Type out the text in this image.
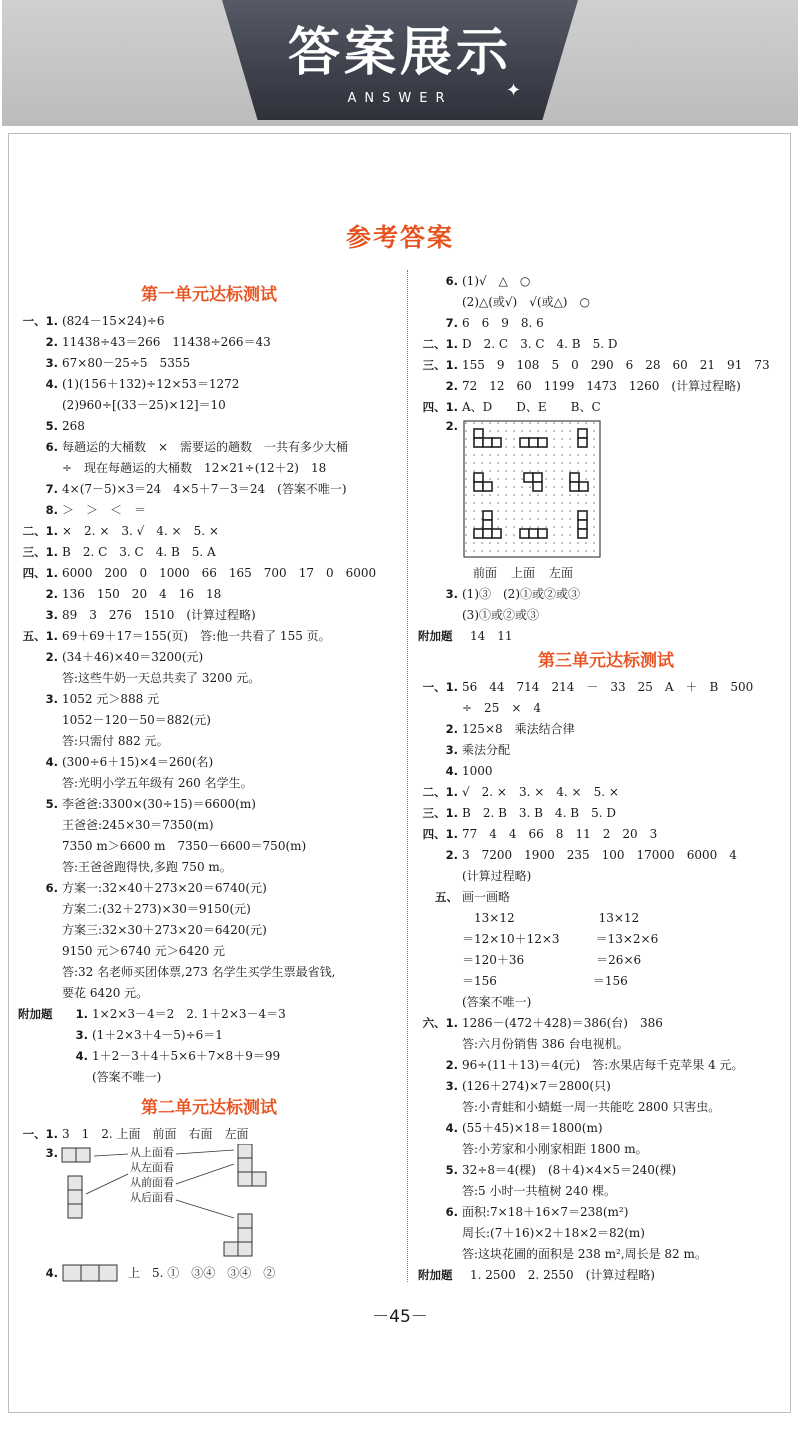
答案展示
ANSWER	✦
参考答案
第一单元达标测试
一、1. (824－15×24)÷6
2. 11438÷43＝266　11438÷266＝43
3. 67×80－25÷5　5355
4. (1)(156＋132)÷12×53＝1272
(2)960÷[(33－25)×12]＝10
5. 268
6. 每趟运的大桶数　×　需要运的趟数　一共有多少大桶
÷　现在每趟运的大桶数　12×21÷(12＋2)　18
7. 4×(7－5)×3＝24　4×5＋7－3＝24　(答案不唯一)
8. ＞　＞　＜　＝
二、1. ×　2. ×　3. √　4. ×　5. ×
三、1. B　2. C　3. C　4. B　5. A
四、1. 6000　200　0　1000　66　165　700　17　0　6000
2. 136　150　20　4　16　18
3. 89　3　276　1510　(计算过程略)
五、1. 69＋69＋17＝155(页)　答:他一共看了 155 页。
2. (34＋46)×40＝3200(元)
答:这些牛奶一天总共卖了 3200 元。
3. 1052 元＞888 元
1052－120－50＝882(元)
答:只需付 882 元。
4. (300÷6＋15)×4＝260(名)
答:光明小学五年级有 260 名学生。
5. 李爸爸:3300×(30÷15)＝6600(m)
王爸爸:245×30＝7350(m)
7350 m＞6600 m　7350－6600＝750(m)
答:王爸爸跑得快,多跑 750 m。
6. 方案一:32×40＋273×20＝6740(元)
方案二:(32＋273)×30＝9150(元)
方案三:32×30＋273×20＝6420(元)
9150 元＞6740 元＞6420 元
答:32 名老师买团体票,273 名学生买学生票最省钱,
要花 6420 元。
附加题	1. 1×2×3－4＝2　2. 1＋2×3－4＝3
3. (1＋2×3＋4－5)÷6＝1
4. 1＋2－3＋4＋5×6＋7×8＋9＝99
(答案不唯一)
第二单元达标测试
一、1. 3　1　2. 上面　前面　右面　左面
3.	从上面看
从左面看
从前面看
从后面看
4.	上　5. ①　③④　③④　②
6. (1)√　△　○
(2)△(或√)　√(或△)　○
7. 6　6　9　8. 6
二、1. D　2. C　3. C　4. B　5. D
三、1. 155　9　108　5　0　290　6　28　60　21　91　73
2. 72　12　60　1199　1473　1260　(计算过程略)
四、1. A、D　　D、E　　B、C
2.
前面	上面	左面
3. (1)③　(2)①或②或③
(3)①或②或③
附加题	14　11
第三单元达标测试
一、1. 56　44　714　214　－　33　25　A　＋　B　500
÷　25　×　4
2. 125×8　乘法结合律
3. 乘法分配
4. 1000
二、1. √　2. ×　3. ×　4. ×　5. ×
三、1. B　2. B　3. B　4. B　5. D
四、1. 77　4　4　66　8　11　2　20　3
2. 3　7200　1900　235　100　17000　6000　4
(计算过程略)
五、 画一画略
　13×12　　　　　　　13×12
＝12×10＋12×3　　　＝13×2×6
＝120＋36　　　　　　＝26×6
＝156　　　　　　　　＝156
(答案不唯一)
六、1. 1286－(472＋428)＝386(台)　386
答:六月份销售 386 台电视机。
2. 96÷(11＋13)＝4(元)　答:水果店每千克苹果 4 元。
3. (126＋274)×7＝2800(只)
答:小青蛙和小蜻蜓一周一共能吃 2800 只害虫。
4. (55＋45)×18＝1800(m)
答:小芳家和小刚家相距 1800 m。
5. 32÷8＝4(棵)　(8＋4)×4×5＝240(棵)
答:5 小时一共植树 240 棵。
6. 面积:7×18＋16×7＝238(m²)
周长:(7＋16)×2＋18×2＝82(m)
答:这块花圃的面积是 238 m²,周长是 82 m。
附加题	1. 2500　2. 2550　(计算过程略)
－45－
